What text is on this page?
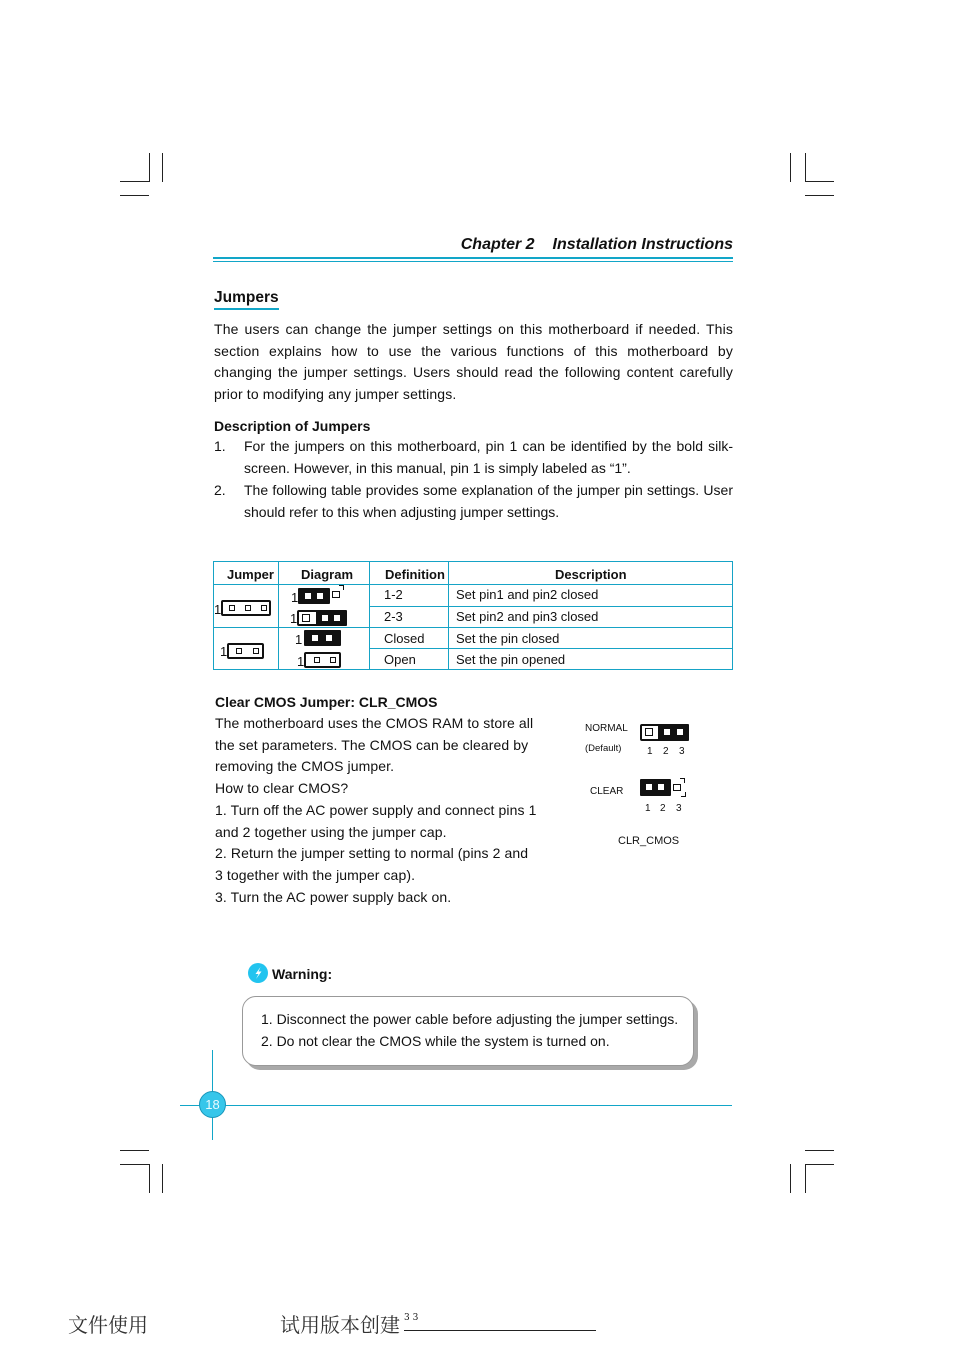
Chapter 2 Installation Instructions
Jumpers
The users can change the jumper settings on this motherboard if needed. This section explains how to use the various functions of this motherboard by changing the jumper settings. Users should read the following content carefully prior to modifying any jumper settings.
Description of Jumpers
1. For the jumpers on this motherboard, pin 1 can be identified by the bold silk-screen. However, in this manual, pin 1 is simply labeled as “1”.
2. The following table provides some explanation of the jumper pin settings. User should refer to this when adjusting jumper settings.
Jumper Diagram Definition	Description
1-2	Set pin1 and pin2 closed
2-3	Set pin2 and pin3 closed
Closed Set the pin closed
Open	Set the pin opened
1
1
1
1
1
1
Clear CMOS Jumper: CLR_CMOS
The motherboard uses the CMOS RAM to store all
the set parameters. The CMOS can be cleared by
removing the CMOS jumper.
How to clear CMOS?
1. Turn off the AC power supply and connect pins 1
and 2 together using the jumper cap.
2. Return the jumper setting to normal (pins 2 and
3 together with the jumper cap).
3. Turn the AC power supply back on.
NORMAL
(Default)	1 2 3
CLEAR
1 2 3
CLR_CMOS
Warning:
1. Disconnect the power cable before adjusting the jumper settings.
2. Do not clear the CMOS while the system is turned on.
18
文件使用	试用版本创建 3 3
